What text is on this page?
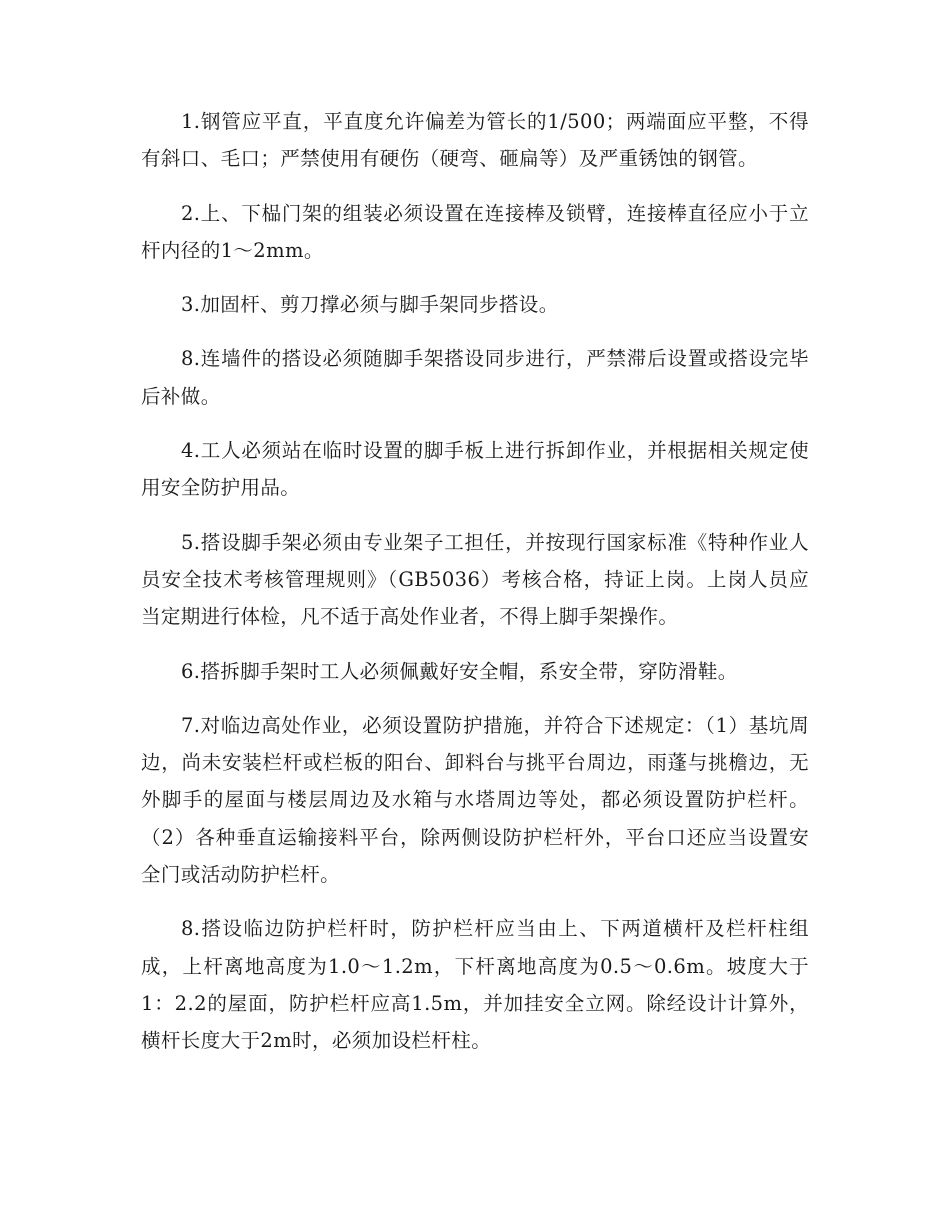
1.钢管应平直，平直度允许偏差为管长的1/500；两端面应平整，不得有斜口、毛口；严禁使用有硬伤（硬弯、砸扁等）及严重锈蚀的钢管。

2.上、下榀门架的组装必须设置在连接棒及锁臂，连接棒直径应小于立杆内径的1～2mm。

3.加固杆、剪刀撑必须与脚手架同步搭设。

8.连墙件的搭设必须随脚手架搭设同步进行，严禁滞后设置或搭设完毕后补做。

4.工人必须站在临时设置的脚手板上进行拆卸作业，并根据相关规定使用安全防护用品。

5.搭设脚手架必须由专业架子工担任，并按现行国家标准《特种作业人员安全技术考核管理规则》（GB5036）考核合格，持证上岗。上岗人员应当定期进行体检，凡不适于高处作业者，不得上脚手架操作。

6.搭拆脚手架时工人必须佩戴好安全帽，系安全带，穿防滑鞋。

7.对临边高处作业，必须设置防护措施，并符合下述规定：（1）基坑周边，尚未安装栏杆或栏板的阳台、卸料台与挑平台周边，雨蓬与挑檐边，无外脚手的屋面与楼层周边及水箱与水塔周边等处，都必须设置防护栏杆。（2）各种垂直运输接料平台，除两侧设防护栏杆外，平台口还应当设置安全门或活动防护栏杆。

8.搭设临边防护栏杆时，防护栏杆应当由上、下两道横杆及栏杆柱组成，上杆离地高度为1.0～1.2m，下杆离地高度为0.5～0.6m。坡度大于1：2.2的屋面，防护栏杆应高1.5m，并加挂安全立网。除经设计计算外，横杆长度大于2m时，必须加设栏杆柱。
